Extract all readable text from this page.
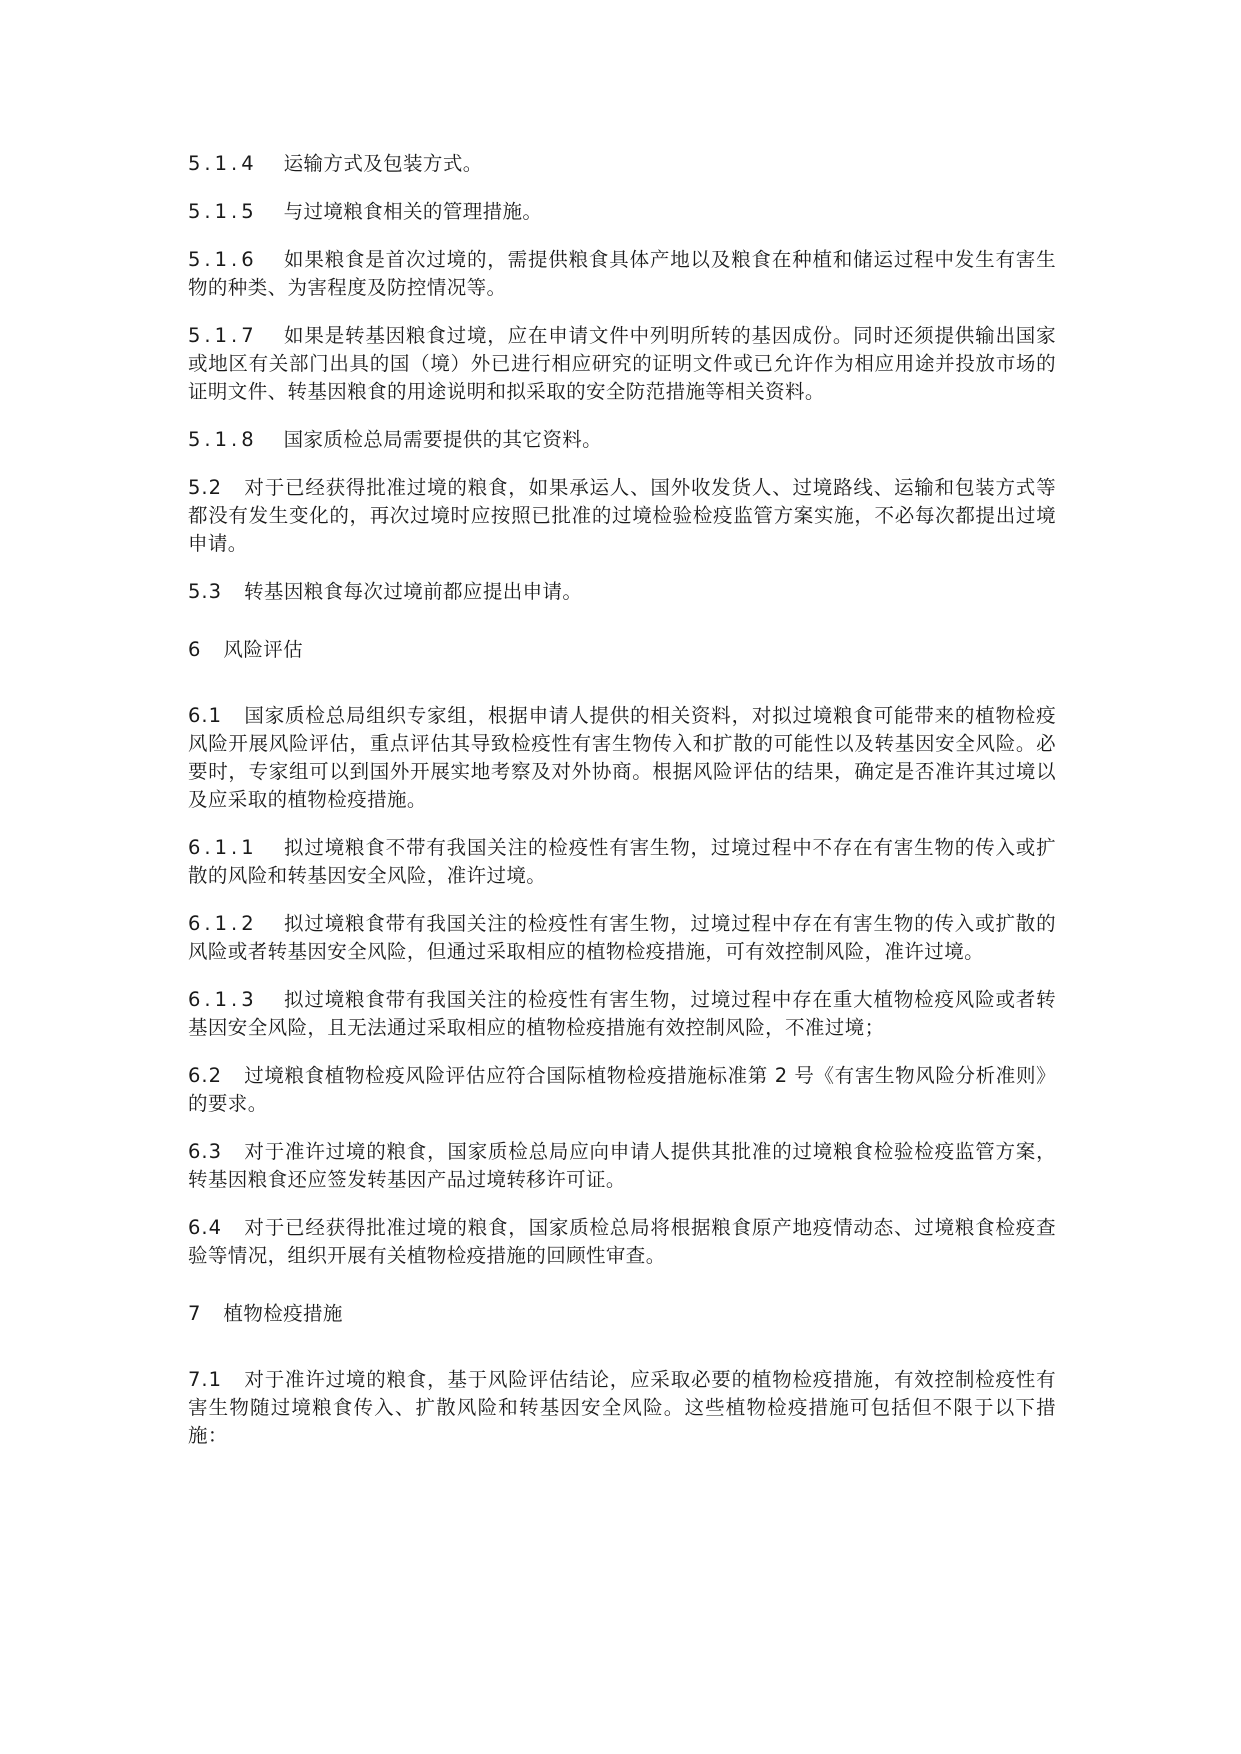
5.1.4 运输方式及包装方式。

5.1.5 与过境粮食相关的管理措施。

5.1.6 如果粮食是首次过境的，需提供粮食具体产地以及粮食在种植和储运过程中发生有害生物的种类、为害程度及防控情况等。

5.1.7 如果是转基因粮食过境，应在申请文件中列明所转的基因成份。同时还须提供输出国家或地区有关部门出具的国（境）外已进行相应研究的证明文件或已允许作为相应用途并投放市场的证明文件、转基因粮食的用途说明和拟采取的安全防范措施等相关资料。

5.1.8 国家质检总局需要提供的其它资料。

5.2 对于已经获得批准过境的粮食，如果承运人、国外收发货人、过境路线、运输和包装方式等都没有发生变化的，再次过境时应按照已批准的过境检验检疫监管方案实施，不必每次都提出过境申请。

5.3 转基因粮食每次过境前都应提出申请。

6 风险评估

6.1 国家质检总局组织专家组，根据申请人提供的相关资料，对拟过境粮食可能带来的植物检疫风险开展风险评估，重点评估其导致检疫性有害生物传入和扩散的可能性以及转基因安全风险。必要时，专家组可以到国外开展实地考察及对外协商。根据风险评估的结果，确定是否准许其过境以及应采取的植物检疫措施。

6.1.1 拟过境粮食不带有我国关注的检疫性有害生物，过境过程中不存在有害生物的传入或扩散的风险和转基因安全风险，准许过境。

6.1.2 拟过境粮食带有我国关注的检疫性有害生物，过境过程中存在有害生物的传入或扩散的风险或者转基因安全风险，但通过采取相应的植物检疫措施，可有效控制风险，准许过境。

6.1.3 拟过境粮食带有我国关注的检疫性有害生物，过境过程中存在重大植物检疫风险或者转基因安全风险，且无法通过采取相应的植物检疫措施有效控制风险，不准过境；

6.2 过境粮食植物检疫风险评估应符合国际植物检疫措施标准第 2 号《有害生物风险分析准则》的要求。

6.3 对于准许过境的粮食，国家质检总局应向申请人提供其批准的过境粮食检验检疫监管方案，转基因粮食还应签发转基因产品过境转移许可证。

6.4 对于已经获得批准过境的粮食，国家质检总局将根据粮食原产地疫情动态、过境粮食检疫查验等情况，组织开展有关植物检疫措施的回顾性审查。

7 植物检疫措施

7.1 对于准许过境的粮食，基于风险评估结论，应采取必要的植物检疫措施，有效控制检疫性有害生物随过境粮食传入、扩散风险和转基因安全风险。这些植物检疫措施可包括但不限于以下措施：
